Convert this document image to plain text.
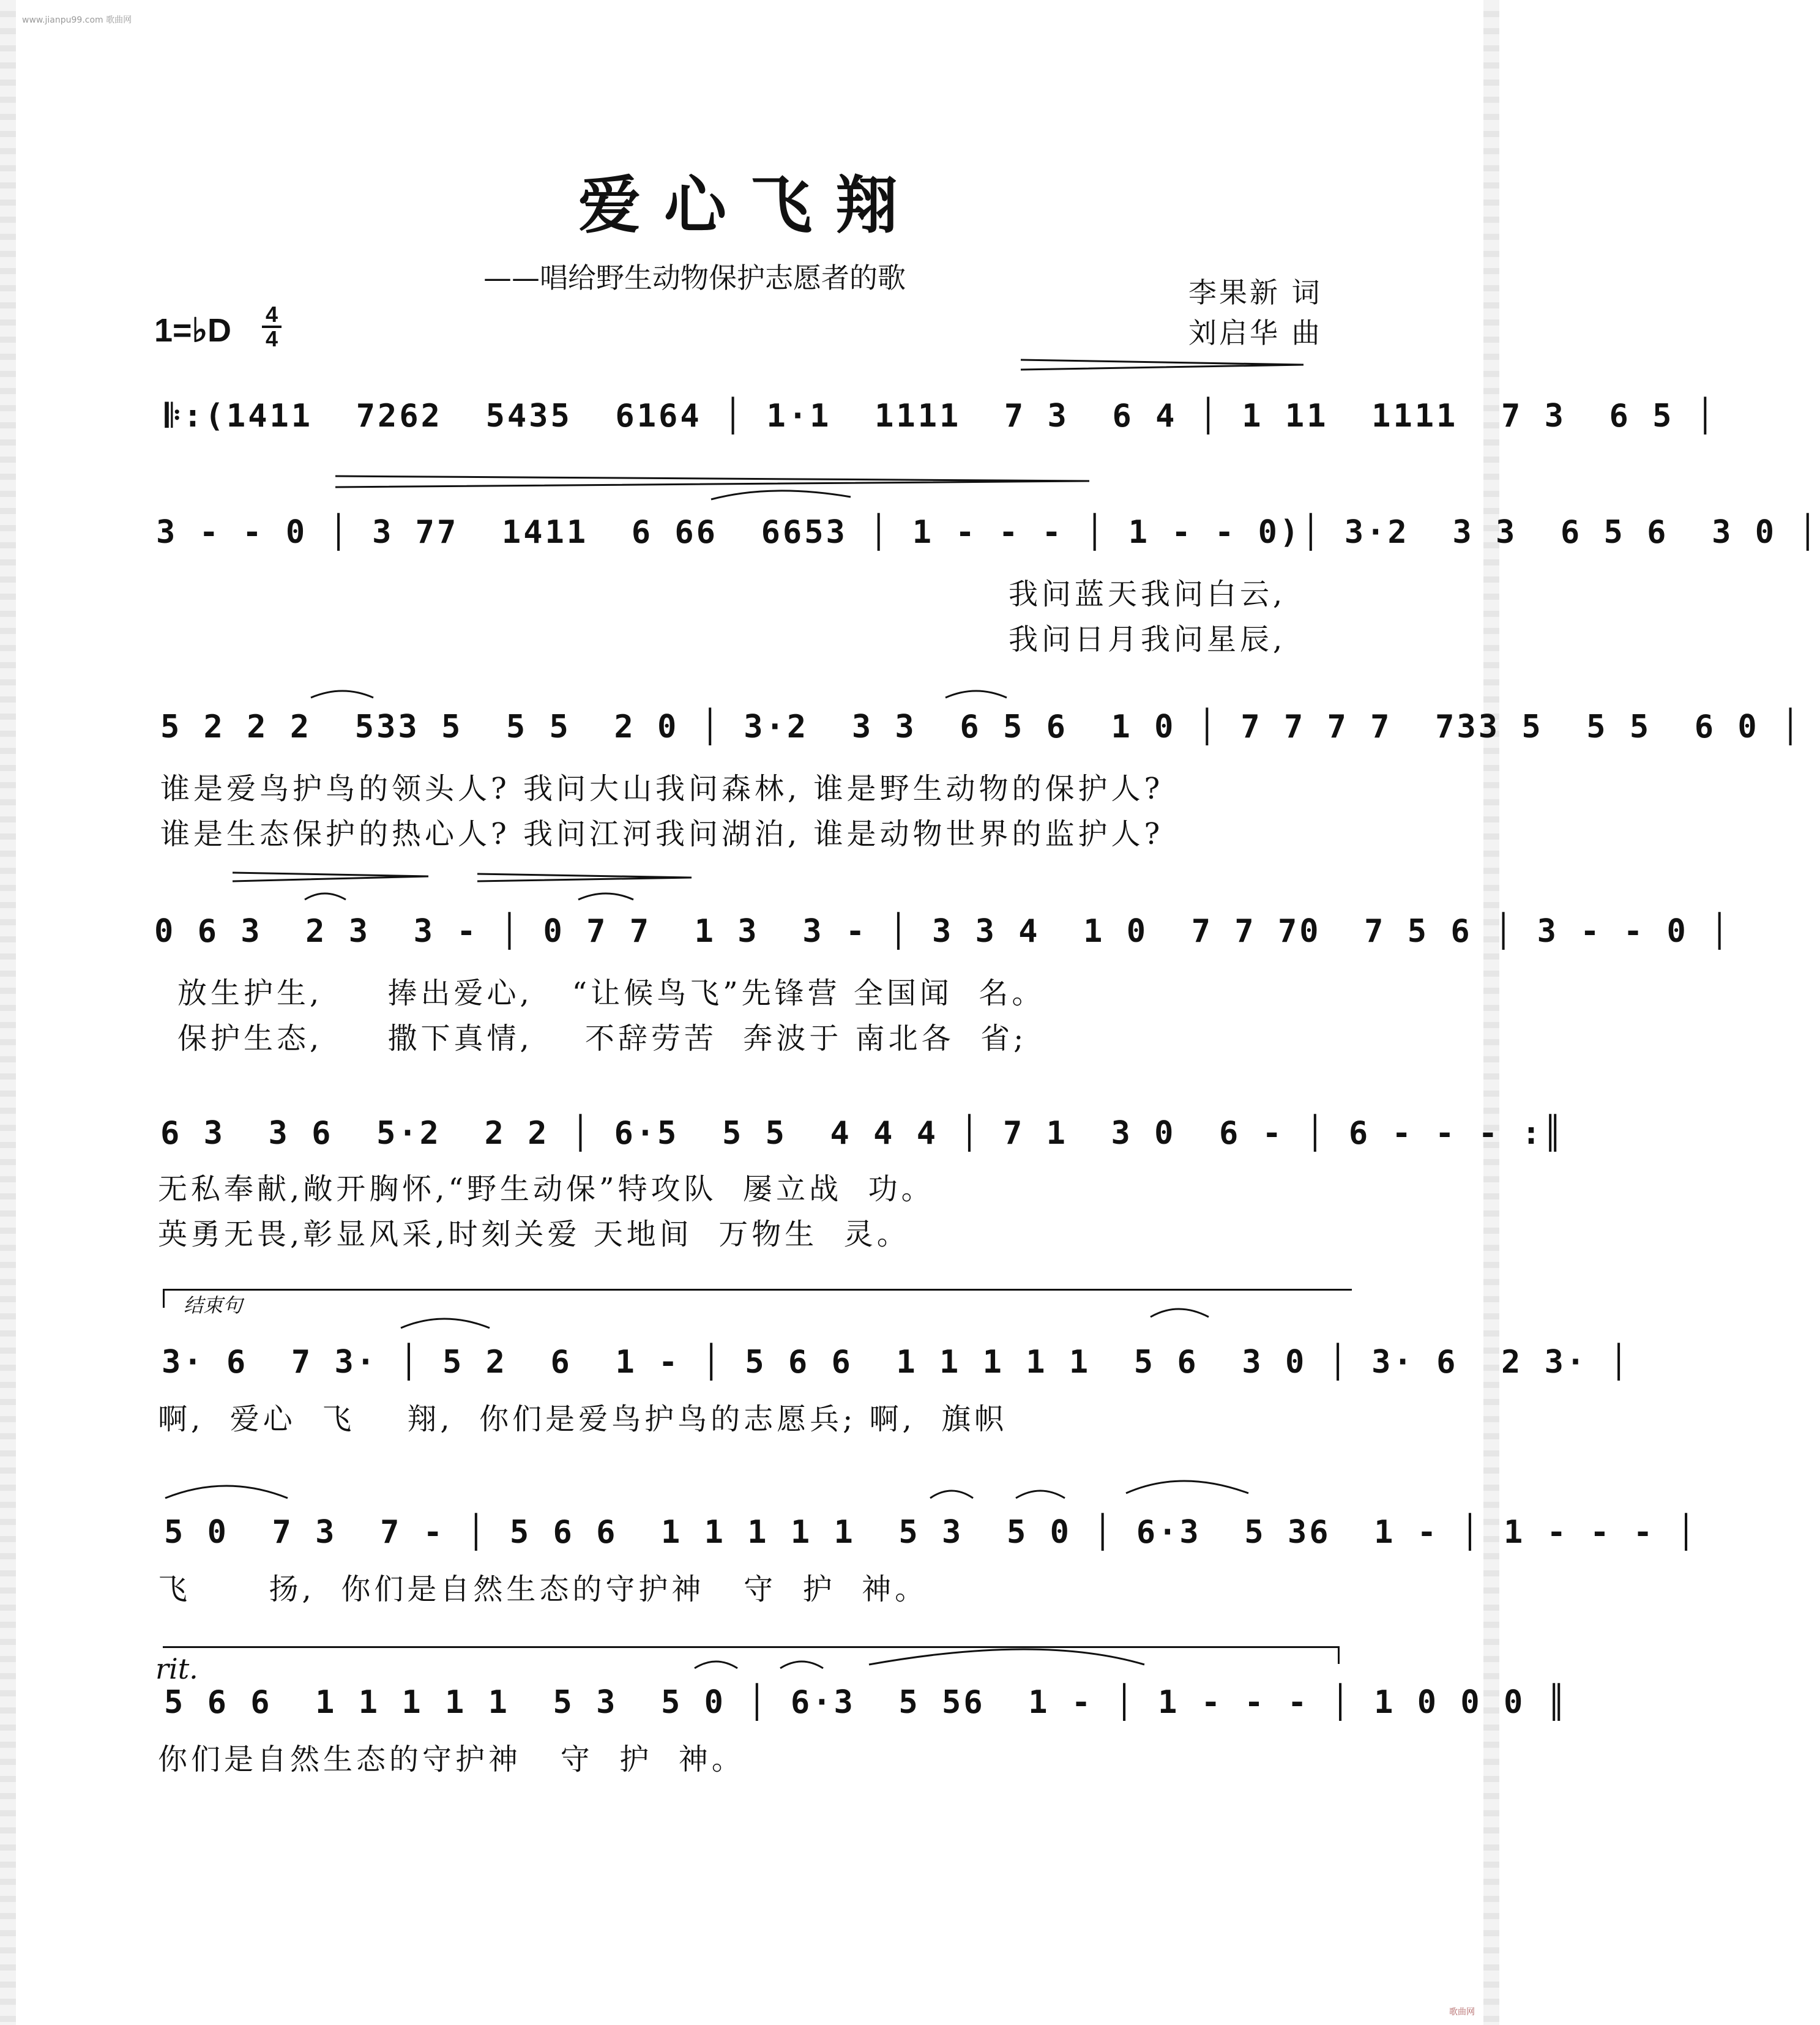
www.jianpu99.com 歌曲网
歌曲网
爱心飞翔
——唱给野生动物保护志愿者的歌	李果新 词
刘启华 曲
1=♭D 4
4
𝄆:(1411  7262  5435  6164 │ 1·1  1111  7 3  6 4 │ 1 11  1111  7 3  6 5 │
3 - - 0 │ 3 77  1411  6 66  6653 │ 1 - - - │ 1 - - 0)│ 3·2  3 3  6 5 6  3 0 │
我问蓝天我问白云,
我问日月我问星辰,
5 2 2 2  533 5  5 5  2 0 │ 3·2  3 3  6 5 6  1 0 │ 7 7 7 7  733 5  5 5  6 0 │
谁是爱鸟护鸟的领头人? 我问大山我问森林, 谁是野生动物的保护人?
谁是生态保护的热心人? 我问江河我问湖泊, 谁是动物世界的监护人?
0 6 3  2 3  3 - │ 0 7 7  1 3  3 - │ 3 3 4  1 0  7 7 70  7 5 6 │ 3 - - 0 │
放生护生,     捧出爱心,   “让候鸟飞”先锋营 全国闻  名。
保护生态,     撒下真情,    不辞劳苦  奔波于 南北各  省;
6 3  3 6  5·2  2 2 │ 6·5  5 5  4 4 4 │ 7 1  3 0  6 - │ 6 - - - :║
无私奉献,敞开胸怀,“野生动保”特攻队  屡立战  功。
英勇无畏,彰显风采,时刻关爱 天地间  万物生  灵。
结束句
3· 6  7 3· │ 5 2  6  1 - │ 5 6 6  1 1 1 1 1  5 6  3 0 │ 3· 6  2 3· │
啊,  爱心  飞    翔,  你们是爱鸟护鸟的志愿兵; 啊,  旗帜
5 0  7 3  7 - │ 5 6 6  1 1 1 1 1  5 3  5 0 │ 6·3  5 36  1 - │ 1 - - - │
飞      扬,  你们是自然生态的守护神   守  护  神。
rit.
5 6 6  1 1 1 1 1  5 3  5 0 │ 6·3  5 56  1 - │ 1 - - - │ 1 0 0 0 ║
你们是自然生态的守护神   守  护  神。
